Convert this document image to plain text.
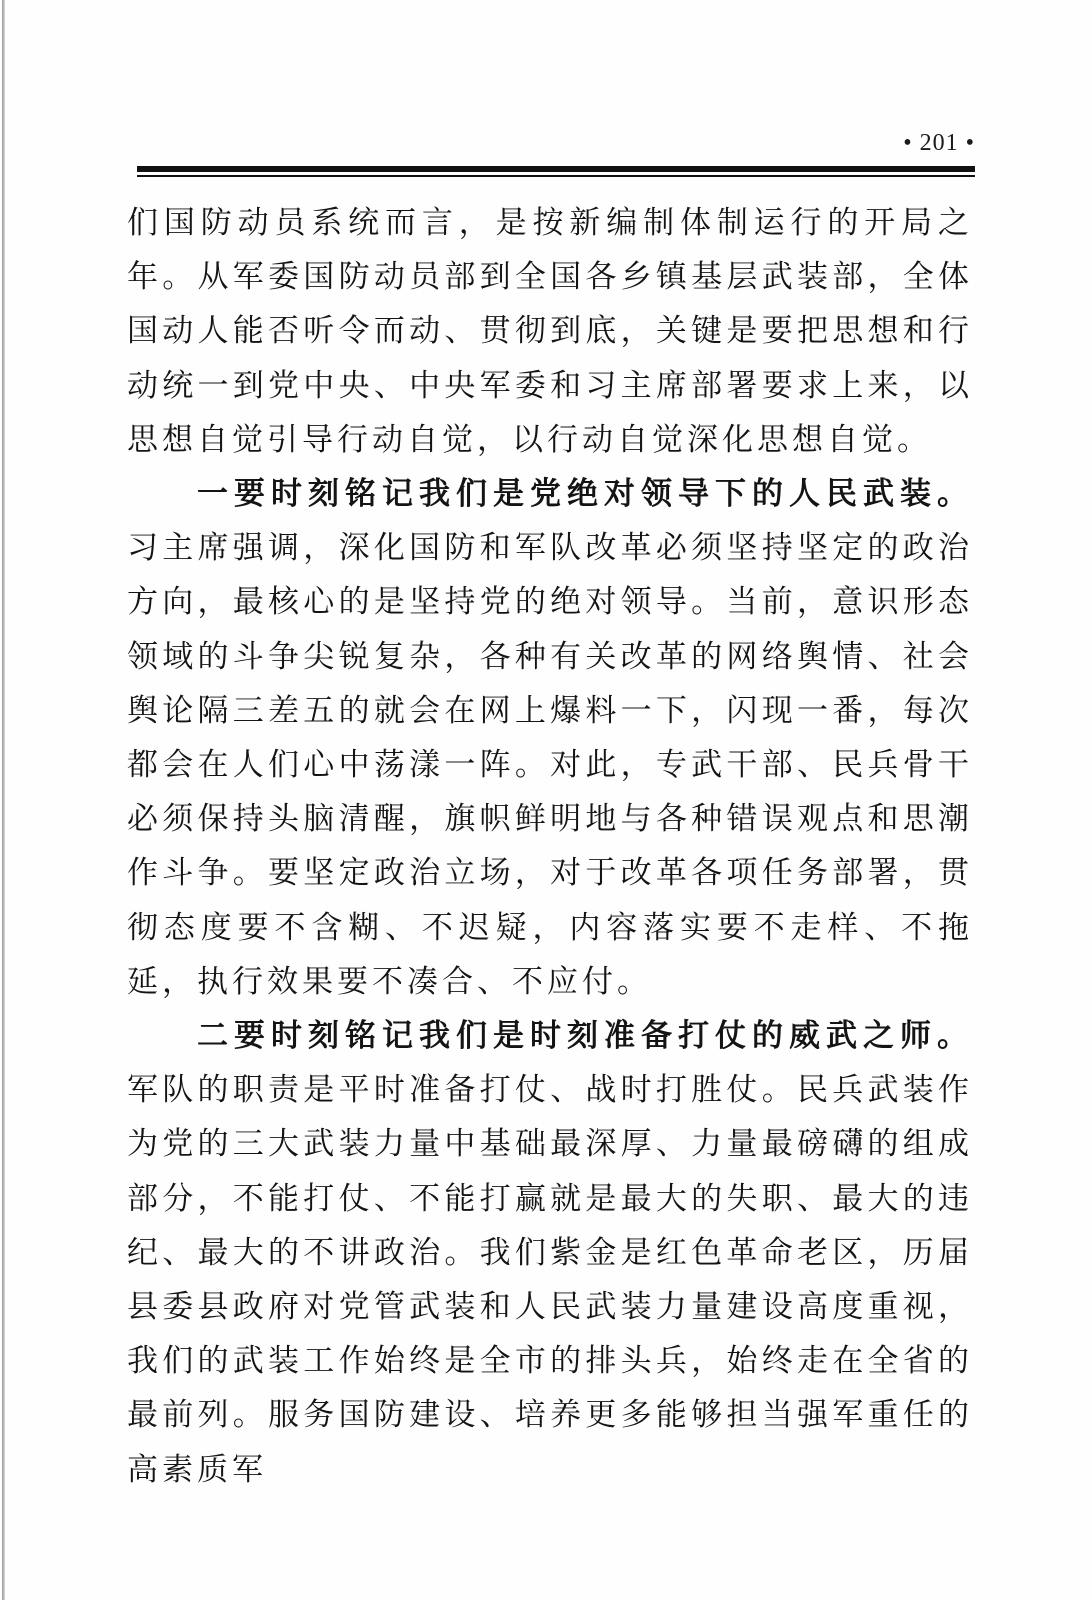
• 201 •

们国防动员系统而言，是按新编制体制运行的开局之年。从军委国防动员部到全国各乡镇基层武装部，全体国动人能否听令而动、贯彻到底，关键是要把思想和行动统一到党中央、中央军委和习主席部署要求上来，以思想自觉引导行动自觉，以行动自觉深化思想自觉。

一要时刻铭记我们是党绝对领导下的人民武装。习主席强调，深化国防和军队改革必须坚持坚定的政治方向，最核心的是坚持党的绝对领导。当前，意识形态领域的斗争尖锐复杂，各种有关改革的网络舆情、社会舆论隔三差五的就会在网上爆料一下，闪现一番，每次都会在人们心中荡漾一阵。对此，专武干部、民兵骨干必须保持头脑清醒，旗帜鲜明地与各种错误观点和思潮作斗争。要坚定政治立场，对于改革各项任务部署，贯彻态度要不含糊、不迟疑，内容落实要不走样、不拖延，执行效果要不凑合、不应付。

二要时刻铭记我们是时刻准备打仗的威武之师。军队的职责是平时准备打仗、战时打胜仗。民兵武装作为党的三大武装力量中基础最深厚、力量最磅礴的组成部分，不能打仗、不能打赢就是最大的失职、最大的违纪、最大的不讲政治。我们紫金是红色革命老区，历届县委县政府对党管武装和人民武装力量建设高度重视，我们的武装工作始终是全市的排头兵，始终走在全省的最前列。服务国防建设、培养更多能够担当强军重任的高素质军
